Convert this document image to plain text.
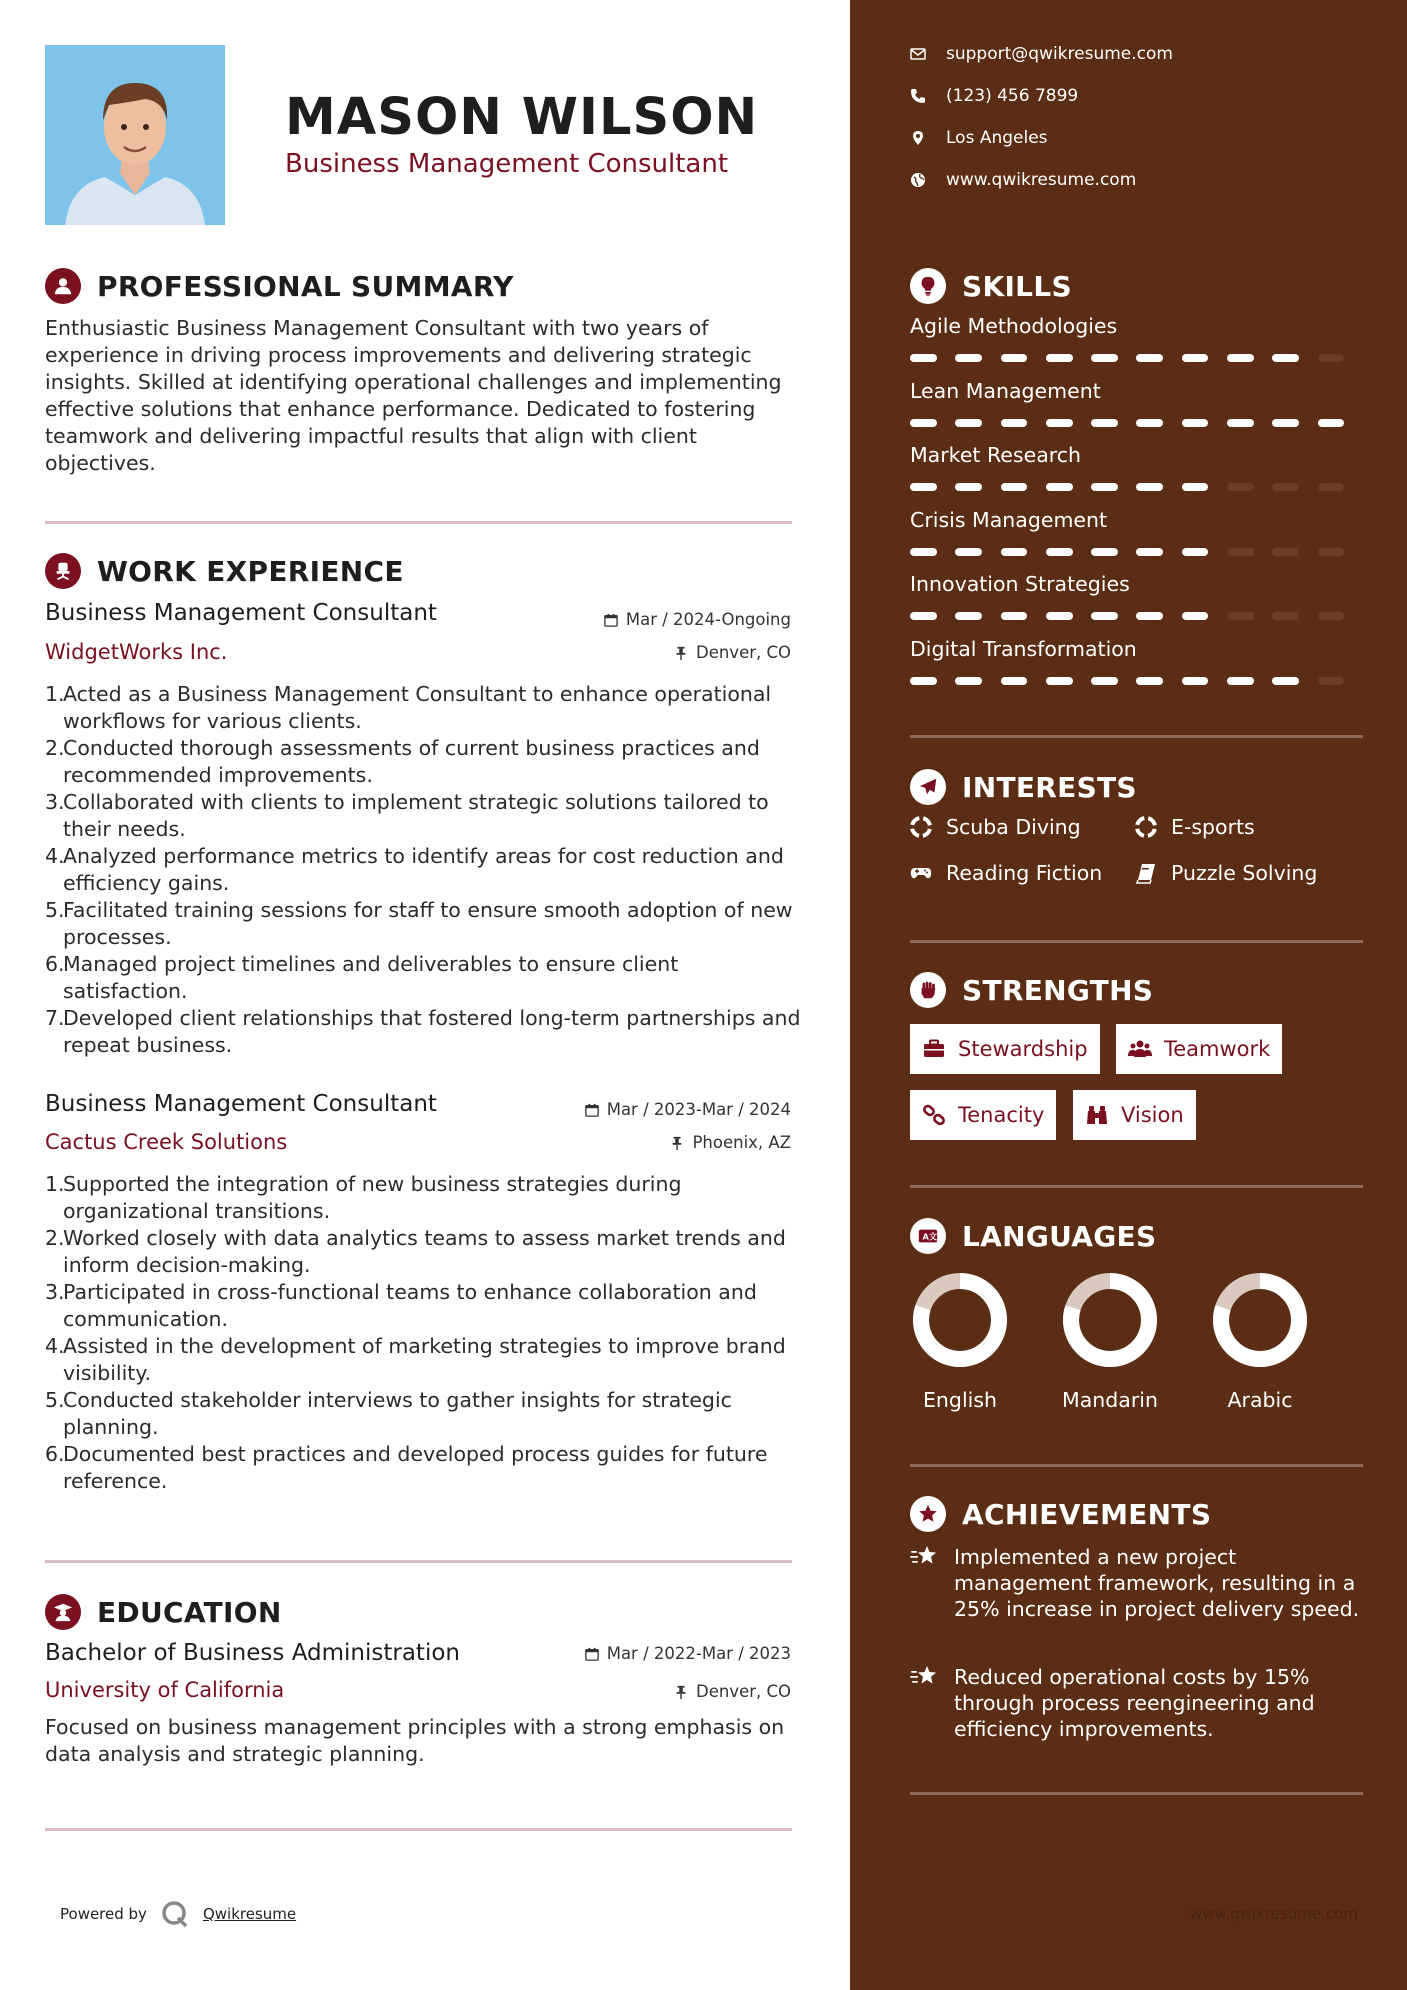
MASON WILSON
Business Management Consultant
PROFESSIONAL SUMMARY
Enthusiastic Business Management Consultant with two years of experience in driving process improvements and delivering strategic insights. Skilled at identifying operational challenges and implementing effective solutions that enhance performance. Dedicated to fostering teamwork and delivering impactful results that align with client objectives.
WORK EXPERIENCE
Business Management Consultant	Mar / 2024-Ongoing
WidgetWorks Inc.	Denver, CO
1.
Acted as a Business Management Consultant to enhance operational workflows for various clients.
2.
Conducted thorough assessments of current business practices and recommended improvements.
3.
Collaborated with clients to implement strategic solutions tailored to their needs.
4.
Analyzed performance metrics to identify areas for cost reduction and efficiency gains.
5.
Facilitated training sessions for staff to ensure smooth adoption of new processes.
6.
Managed project timelines and deliverables to ensure client satisfaction.
7.
Developed client relationships that fostered long-term partnerships and repeat business.
Business Management Consultant	Mar / 2023-Mar / 2024
Cactus Creek Solutions	Phoenix, AZ
1.
Supported the integration of new business strategies during organizational transitions.
2.
Worked closely with data analytics teams to assess market trends and inform decision-making.
3.
Participated in cross-functional teams to enhance collaboration and communication.
4.
Assisted in the development of marketing strategies to improve brand visibility.
5.
Conducted stakeholder interviews to gather insights for strategic planning.
6.
Documented best practices and developed process guides for future reference.
EDUCATION
Bachelor of Business Administration	Mar / 2022-Mar / 2023
University of California	Denver, CO
Focused on business management principles with a strong emphasis on data analysis and strategic planning.
Powered by	Qwikresume
support@qwikresume.com
(123) 456 7899
Los Angeles
www.qwikresume.com
SKILLS
Agile Methodologies
Lean Management
Market Research
Crisis Management
Innovation Strategies
Digital Transformation
INTERESTS
Scuba Diving	E-sports
Reading Fiction	Puzzle Solving
STRENGTHS
Stewardship	Teamwork
Tenacity	Vision
A 文 LANGUAGES
English	Mandarin	Arabic
ACHIEVEMENTS
Implemented a new project management framework, resulting in a 25% increase in project delivery speed.
Reduced operational costs by 15% through process reengineering and efficiency improvements.
www.qwikresume.com
